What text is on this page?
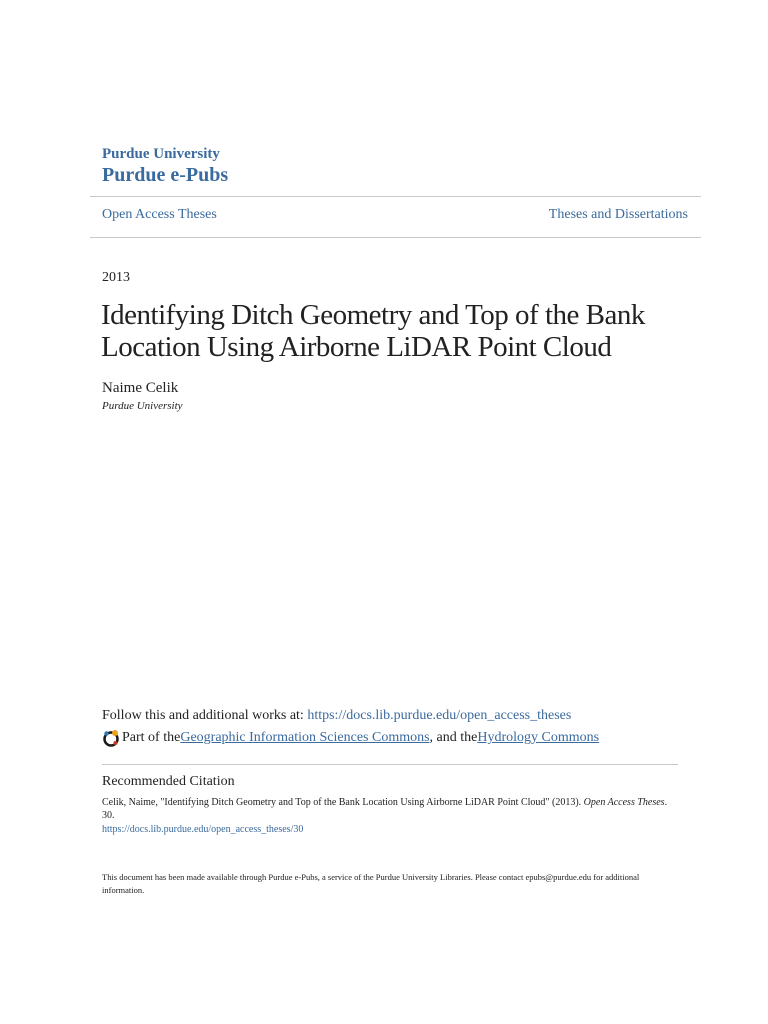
Purdue University
Purdue e-Pubs
Open Access Theses	Theses and Dissertations
2013
Identifying Ditch Geometry and Top of the Bank Location Using Airborne LiDAR Point Cloud
Naime Celik
Purdue University
Follow this and additional works at: https://docs.lib.purdue.edu/open_access_theses
Part of the Geographic Information Sciences Commons , and the Hydrology Commons
Recommended Citation
Celik, Naime, "Identifying Ditch Geometry and Top of the Bank Location Using Airborne LiDAR Point Cloud" (2013). Open Access Theses. 30.
https://docs.lib.purdue.edu/open_access_theses/30
This document has been made available through Purdue e-Pubs, a service of the Purdue University Libraries. Please contact epubs@purdue.edu for additional information.
